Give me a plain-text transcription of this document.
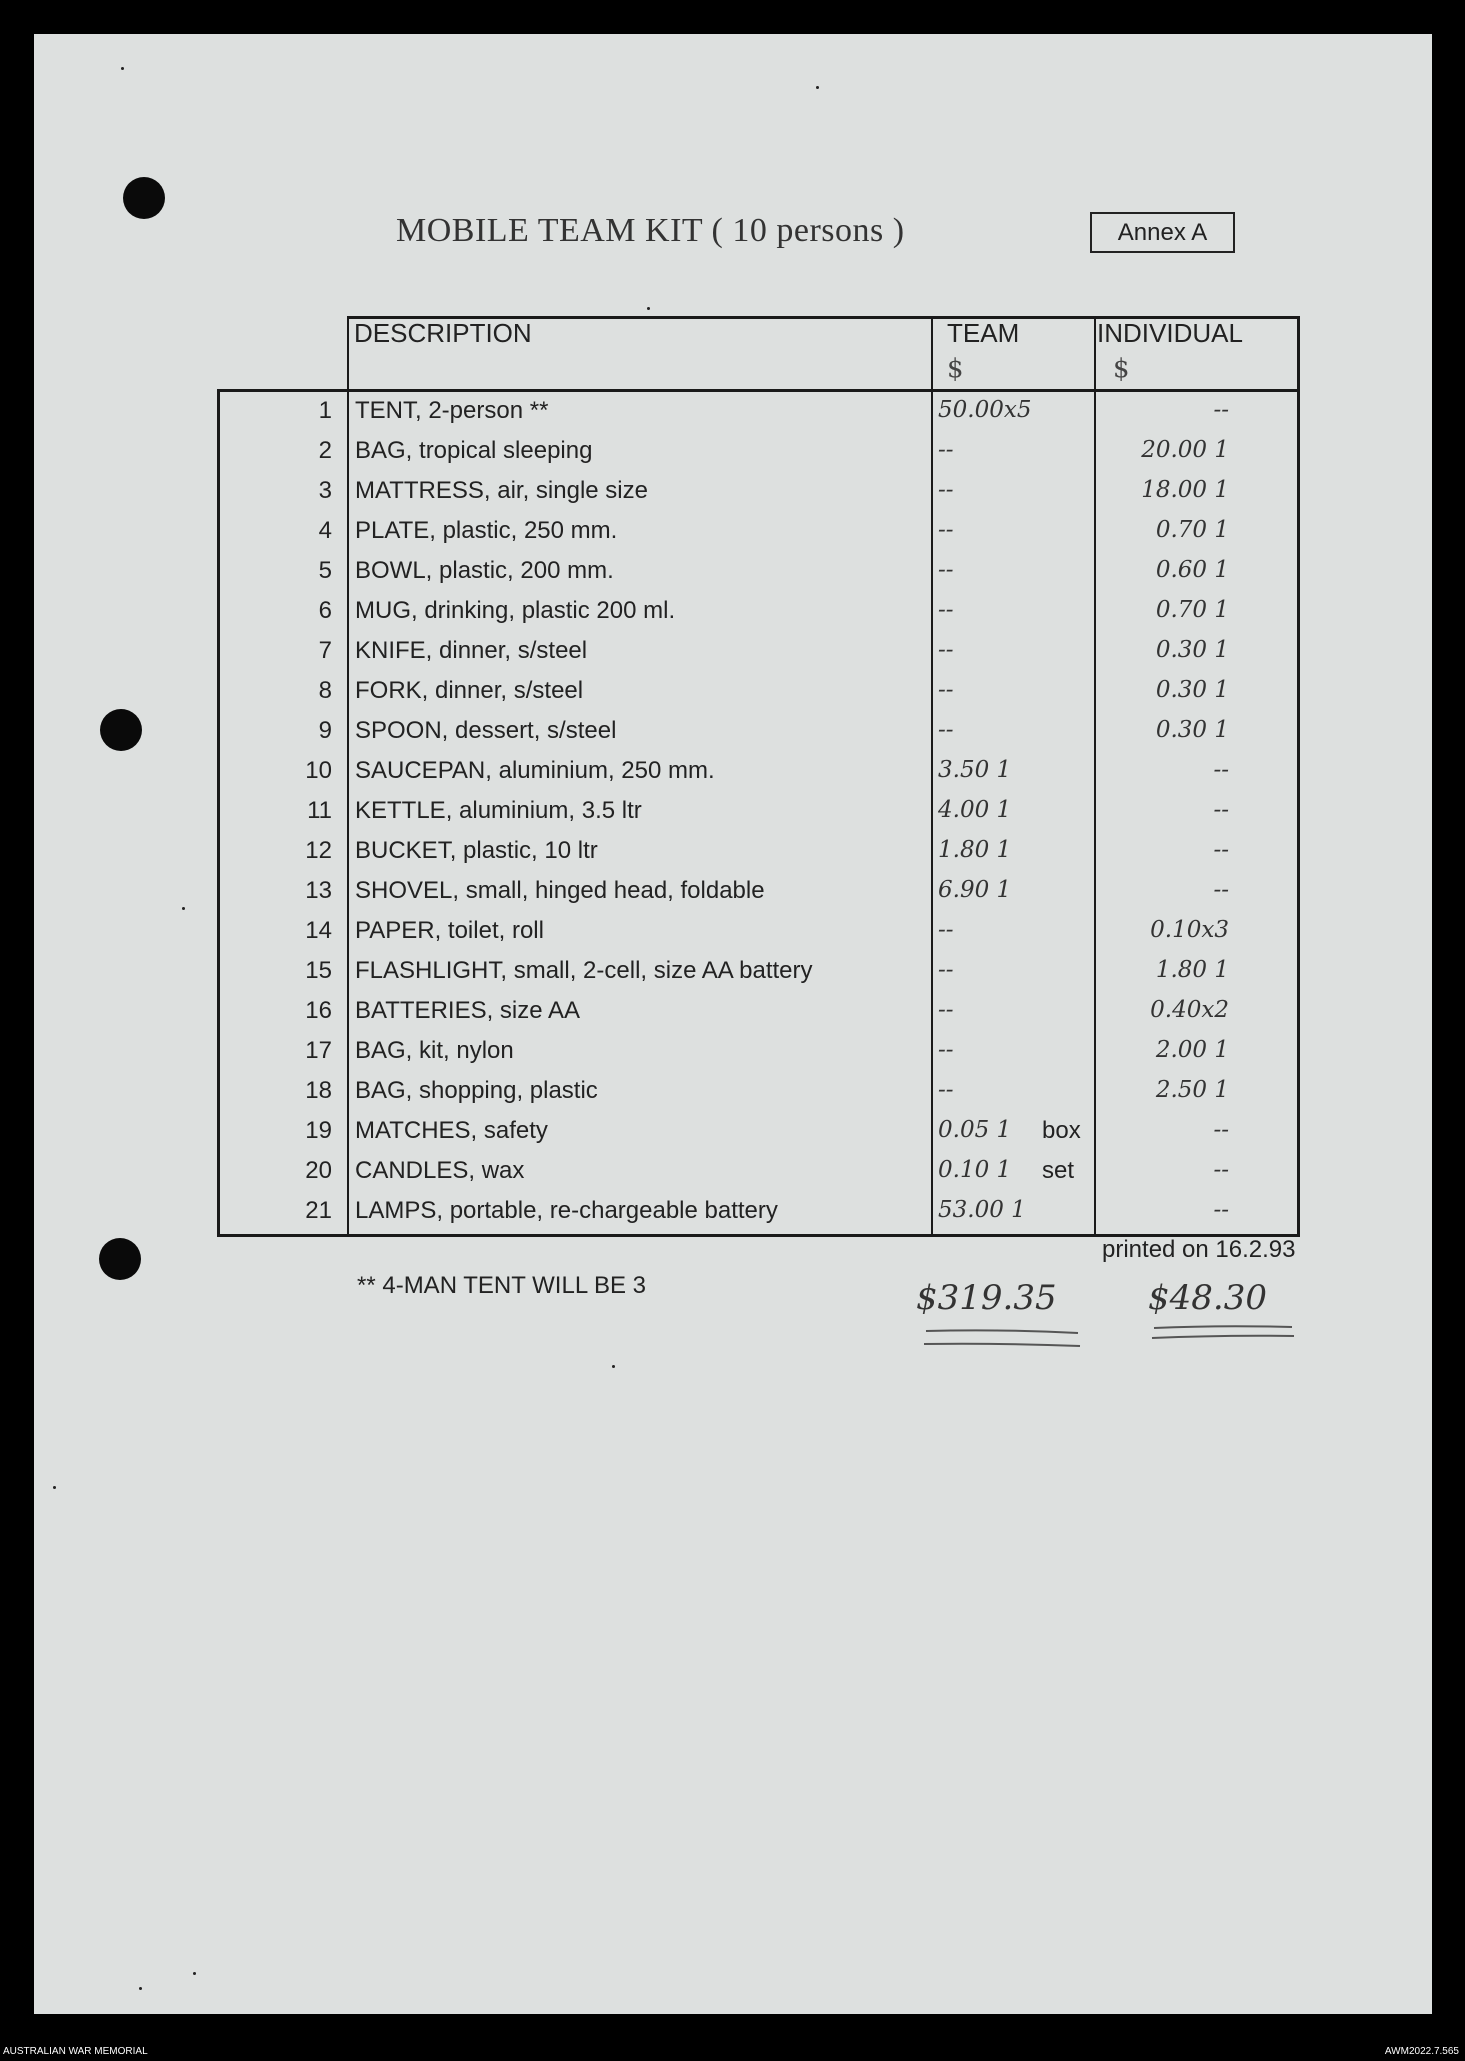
MOBILE TEAM KIT ( 10 persons )	Annex A
DESCRIPTION	TEAM	INDIVIDUAL
$	$
1 TENT, 2-person **	50.00x5	--
2 BAG, tropical sleeping	--	20.00 1
3 MATTRESS, air, single size	--	18.00 1
4 PLATE, plastic, 250 mm.	--	0.70 1
5 BOWL, plastic, 200 mm.	--	0.60 1
6 MUG, drinking, plastic 200 ml.	--	0.70 1
7 KNIFE, dinner, s/steel	--	0.30 1
8 FORK, dinner, s/steel	--	0.30 1
9 SPOON, dessert, s/steel	--	0.30 1
10 SAUCEPAN, aluminium, 250 mm.	3.50 1	--
11 KETTLE, aluminium, 3.5 ltr	4.00 1	--
12 BUCKET, plastic, 10 ltr	1.80 1	--
13 SHOVEL, small, hinged head, foldable	6.90 1	--
14 PAPER, toilet, roll	--	0.10x3
15 FLASHLIGHT, small, 2-cell, size AA battery	--	1.80 1
16 BATTERIES, size AA	--	0.40x2
17 BAG, kit, nylon	--	2.00 1
18 BAG, shopping, plastic	--	2.50 1
19 MATCHES, safety	0.05 1 box	--
20 CANDLES, wax	0.10 1 set	--
21 LAMPS, portable, re-chargeable battery	53.00 1	--
printed on 16.2.93
** 4-MAN TENT WILL BE 3	$319.35	$48.30
AUSTRALIAN WAR MEMORIAL	AWM2022.7.565
